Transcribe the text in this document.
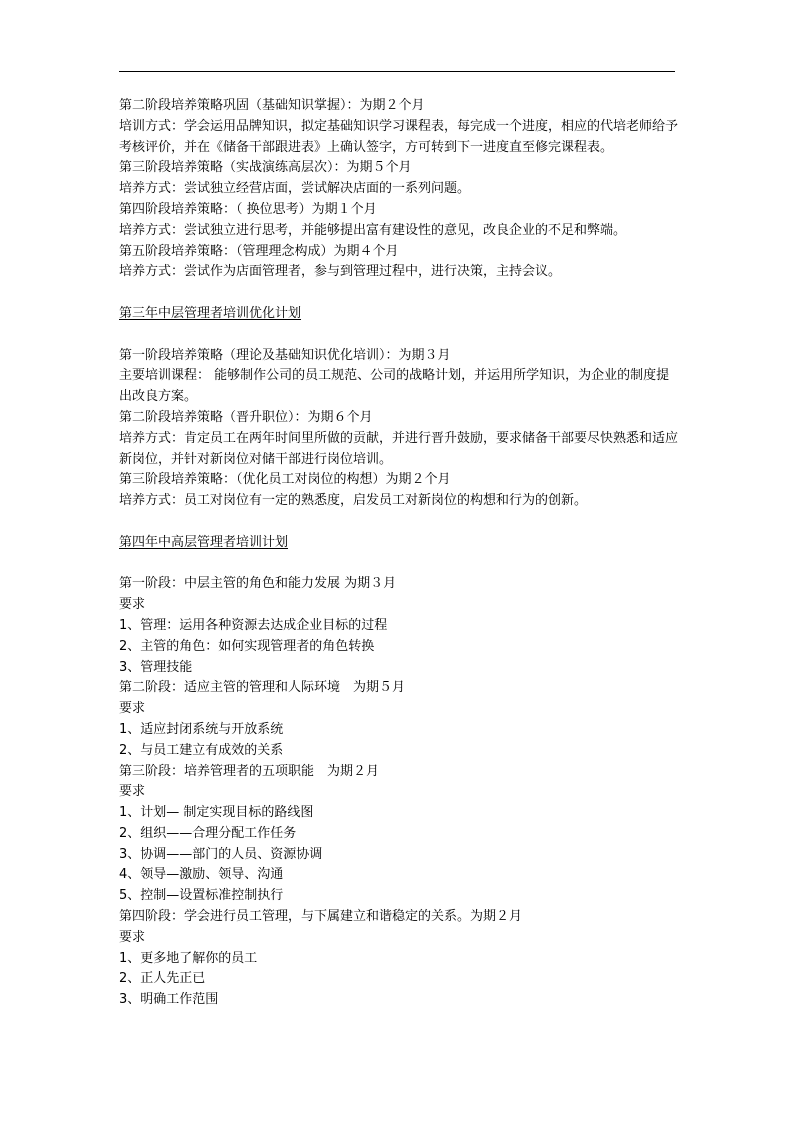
第二阶段培养策略巩固（基础知识掌握）：为期２个月
培训方式：学会运用品牌知识，拟定基础知识学习课程表，每完成一个进度，相应的代培老师给予考核评价，并在《储备干部跟进表》上确认签字，方可转到下一进度直至修完课程表。
第三阶段培养策略（实战演练高层次）：为期５个月
培养方式：尝试独立经营店面，尝试解决店面的一系列问题。
第四阶段培养策略：（ 换位思考）为期１个月
培养方式：尝试独立进行思考，并能够提出富有建设性的意见，改良企业的不足和弊端。
第五阶段培养策略：（管理理念构成）为期４个月
培养方式：尝试作为店面管理者，参与到管理过程中，进行决策，主持会议。
第三年中层管理者培训优化计划
第一阶段培养策略（理论及基础知识优化培训）：为期３月
主要培训课程： 能够制作公司的员工规范、公司的战略计划，并运用所学知识，为企业的制度提出改良方案。
第二阶段培养策略（晋升职位）：为期６个月
培养方式：肯定员工在两年时间里所做的贡献，并进行晋升鼓励，要求储备干部要尽快熟悉和适应新岗位，并针对新岗位对储干部进行岗位培训。
第三阶段培养策略：（优化员工对岗位的构想）为期２个月
培养方式：员工对岗位有一定的熟悉度，启发员工对新岗位的构想和行为的创新。
第四年中高层管理者培训计划
第一阶段：中层主管的角色和能力发展 为期３月
要求
1、管理：运用各种资源去达成企业目标的过程
2、主管的角色：如何实现管理者的角色转换
3、管理技能
第二阶段：适应主管的管理和人际环境　为期５月
要求
1、适应封闭系统与开放系统
2、与员工建立有成效的关系
第三阶段：培养管理者的五项职能　为期２月
要求
1、计划— 制定实现目标的路线图
2、组织——合理分配工作任务
3、协调——部门的人员、资源协调
4、领导—激励、领导、沟通
5、控制—设置标准控制执行
第四阶段：学会进行员工管理，与下属建立和谐稳定的关系。为期２月
要求
1、更多地了解你的员工
2、正人先正已
3、明确工作范围
